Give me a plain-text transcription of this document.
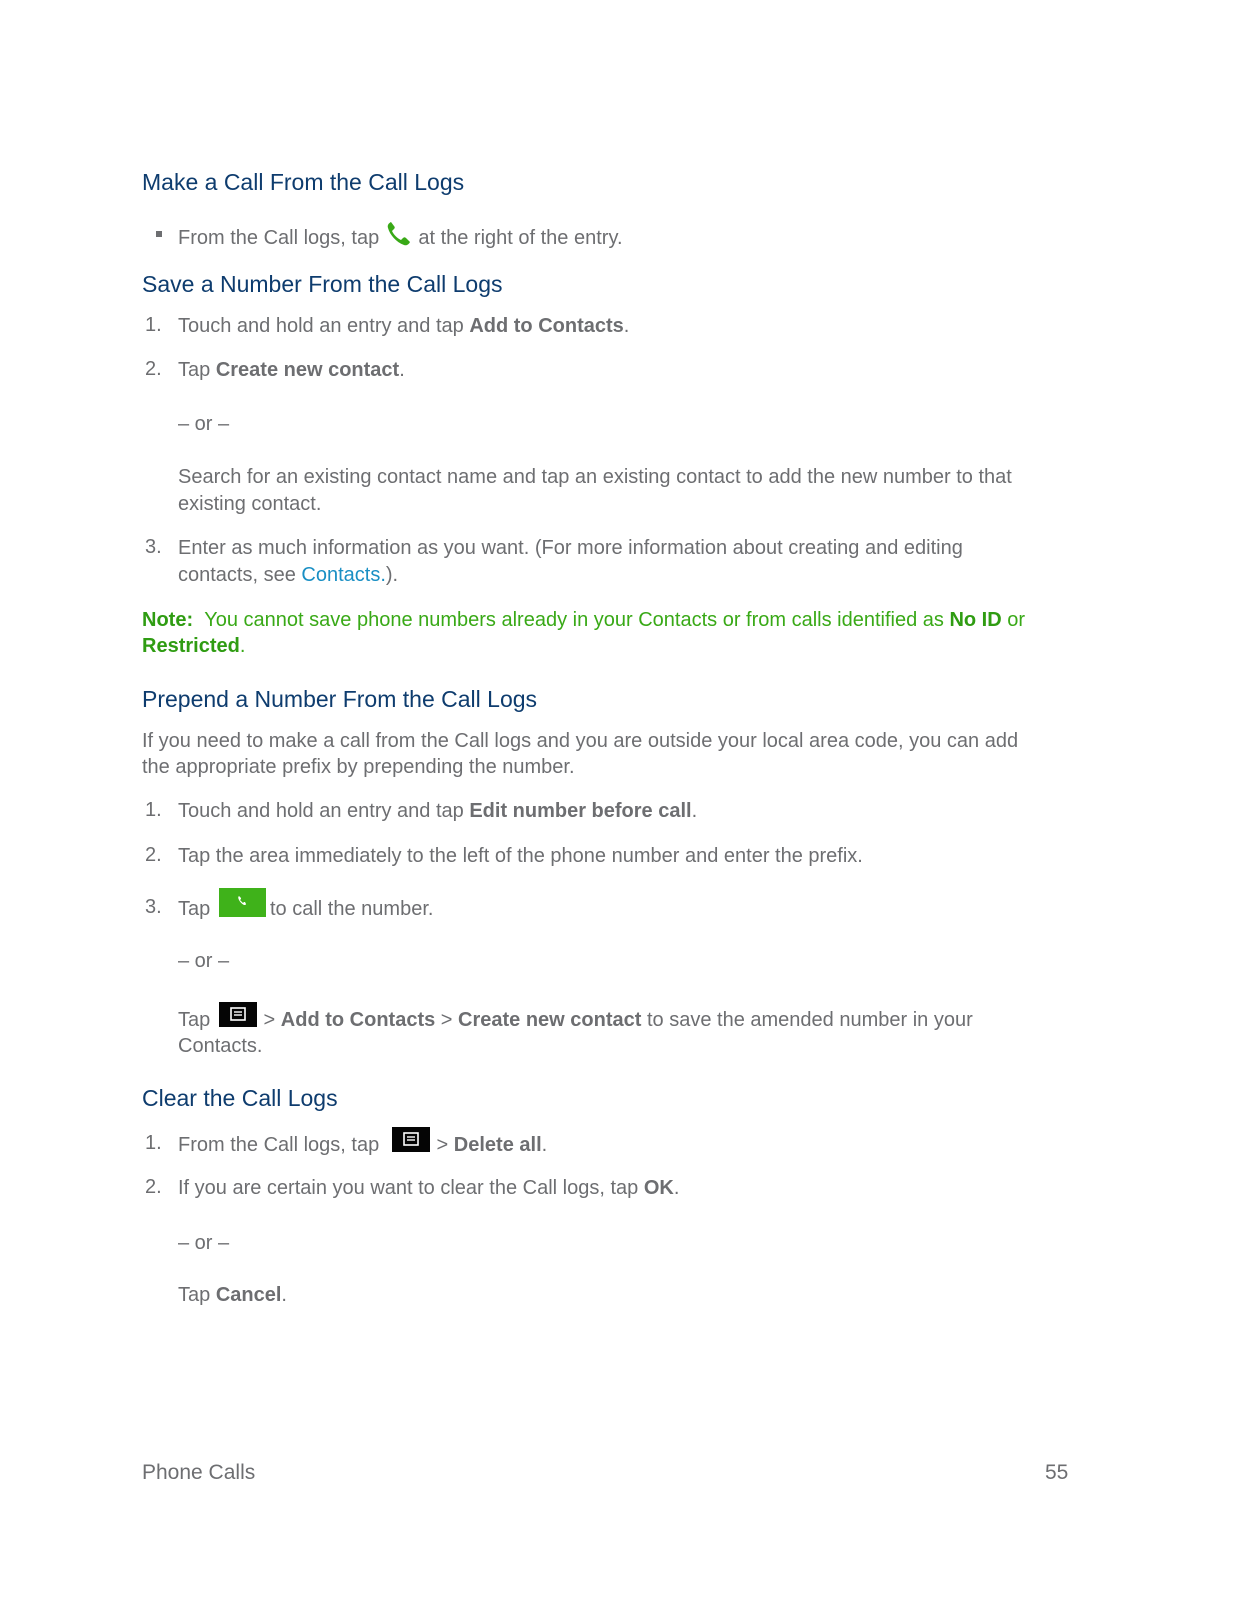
Make a Call From the Call Logs
From the Call logs, tap at the right of the entry.
Save a Number From the Call Logs
1. Touch and hold an entry and tap Add to Contacts.
2. Tap Create new contact.
– or –
Search for an existing contact name and tap an existing contact to add the new number to that
existing contact.
3. Enter as much information as you want. (For more information about creating and editing
contacts, see Contacts.).
Note: You cannot save phone numbers already in your Contacts or from calls identified as No ID or
Restricted.
Prepend a Number From the Call Logs
If you need to make a call from the Call logs and you are outside your local area code, you can add
the appropriate prefix by prepending the number.
1. Touch and hold an entry and tap Edit number before call.
2. Tap the area immediately to the left of the phone number and enter the prefix.
3. Tap	to call the number.
– or –
Tap > Add to Contacts > Create new contact to save the amended number in your
Contacts.
Clear the Call Logs
1. From the Call logs, tap	> Delete all.
2. If you are certain you want to clear the Call logs, tap OK.
– or –
Tap Cancel.
Phone Calls	55
